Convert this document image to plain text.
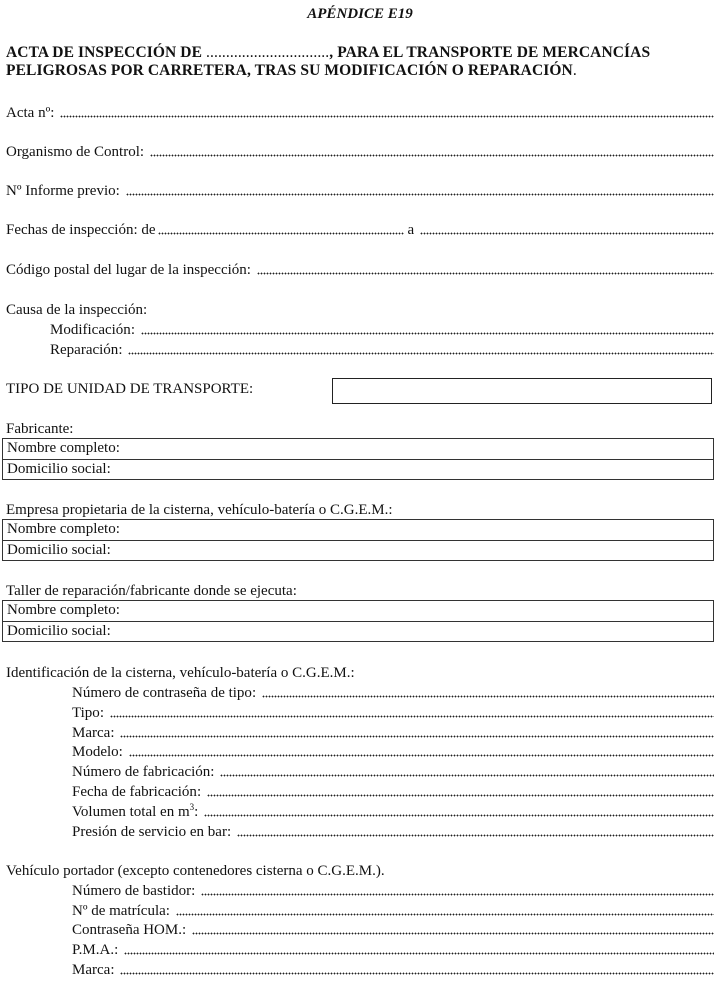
APÉNDICE E19
ACTA DE INSPECCIÓN DE ..............................., PARA EL TRANSPORTE DE MERCANCÍAS
PELIGROSAS POR CARRETERA, TRAS SU MODIFICACIÓN O REPARACIÓN.
Acta nº:
Organismo de Control:
Nº Informe previo:
Fechas de inspección: de	a
Código postal del lugar de la inspección:
Causa de la inspección:
Modificación:
Reparación:
TIPO DE UNIDAD DE TRANSPORTE:
Fabricante:
Nombre completo:
Domicilio social:
Empresa propietaria de la cisterna, vehículo-batería o C.G.E.M.:
Nombre completo:
Domicilio social:
Taller de reparación/fabricante donde se ejecuta:
Nombre completo:
Domicilio social:
Identificación de la cisterna, vehículo-batería o C.G.E.M.:
Número de contraseña de tipo:
Tipo:
Marca:
Modelo:
Número de fabricación:
Fecha de fabricación:
Volumen total en $m^3$:
Presión de servicio en bar:
Vehículo portador (excepto contenedores cisterna o C.G.E.M.).
Número de bastidor:
Nº de matrícula:
Contraseña HOM.:
P.M.A.:
Marca:
